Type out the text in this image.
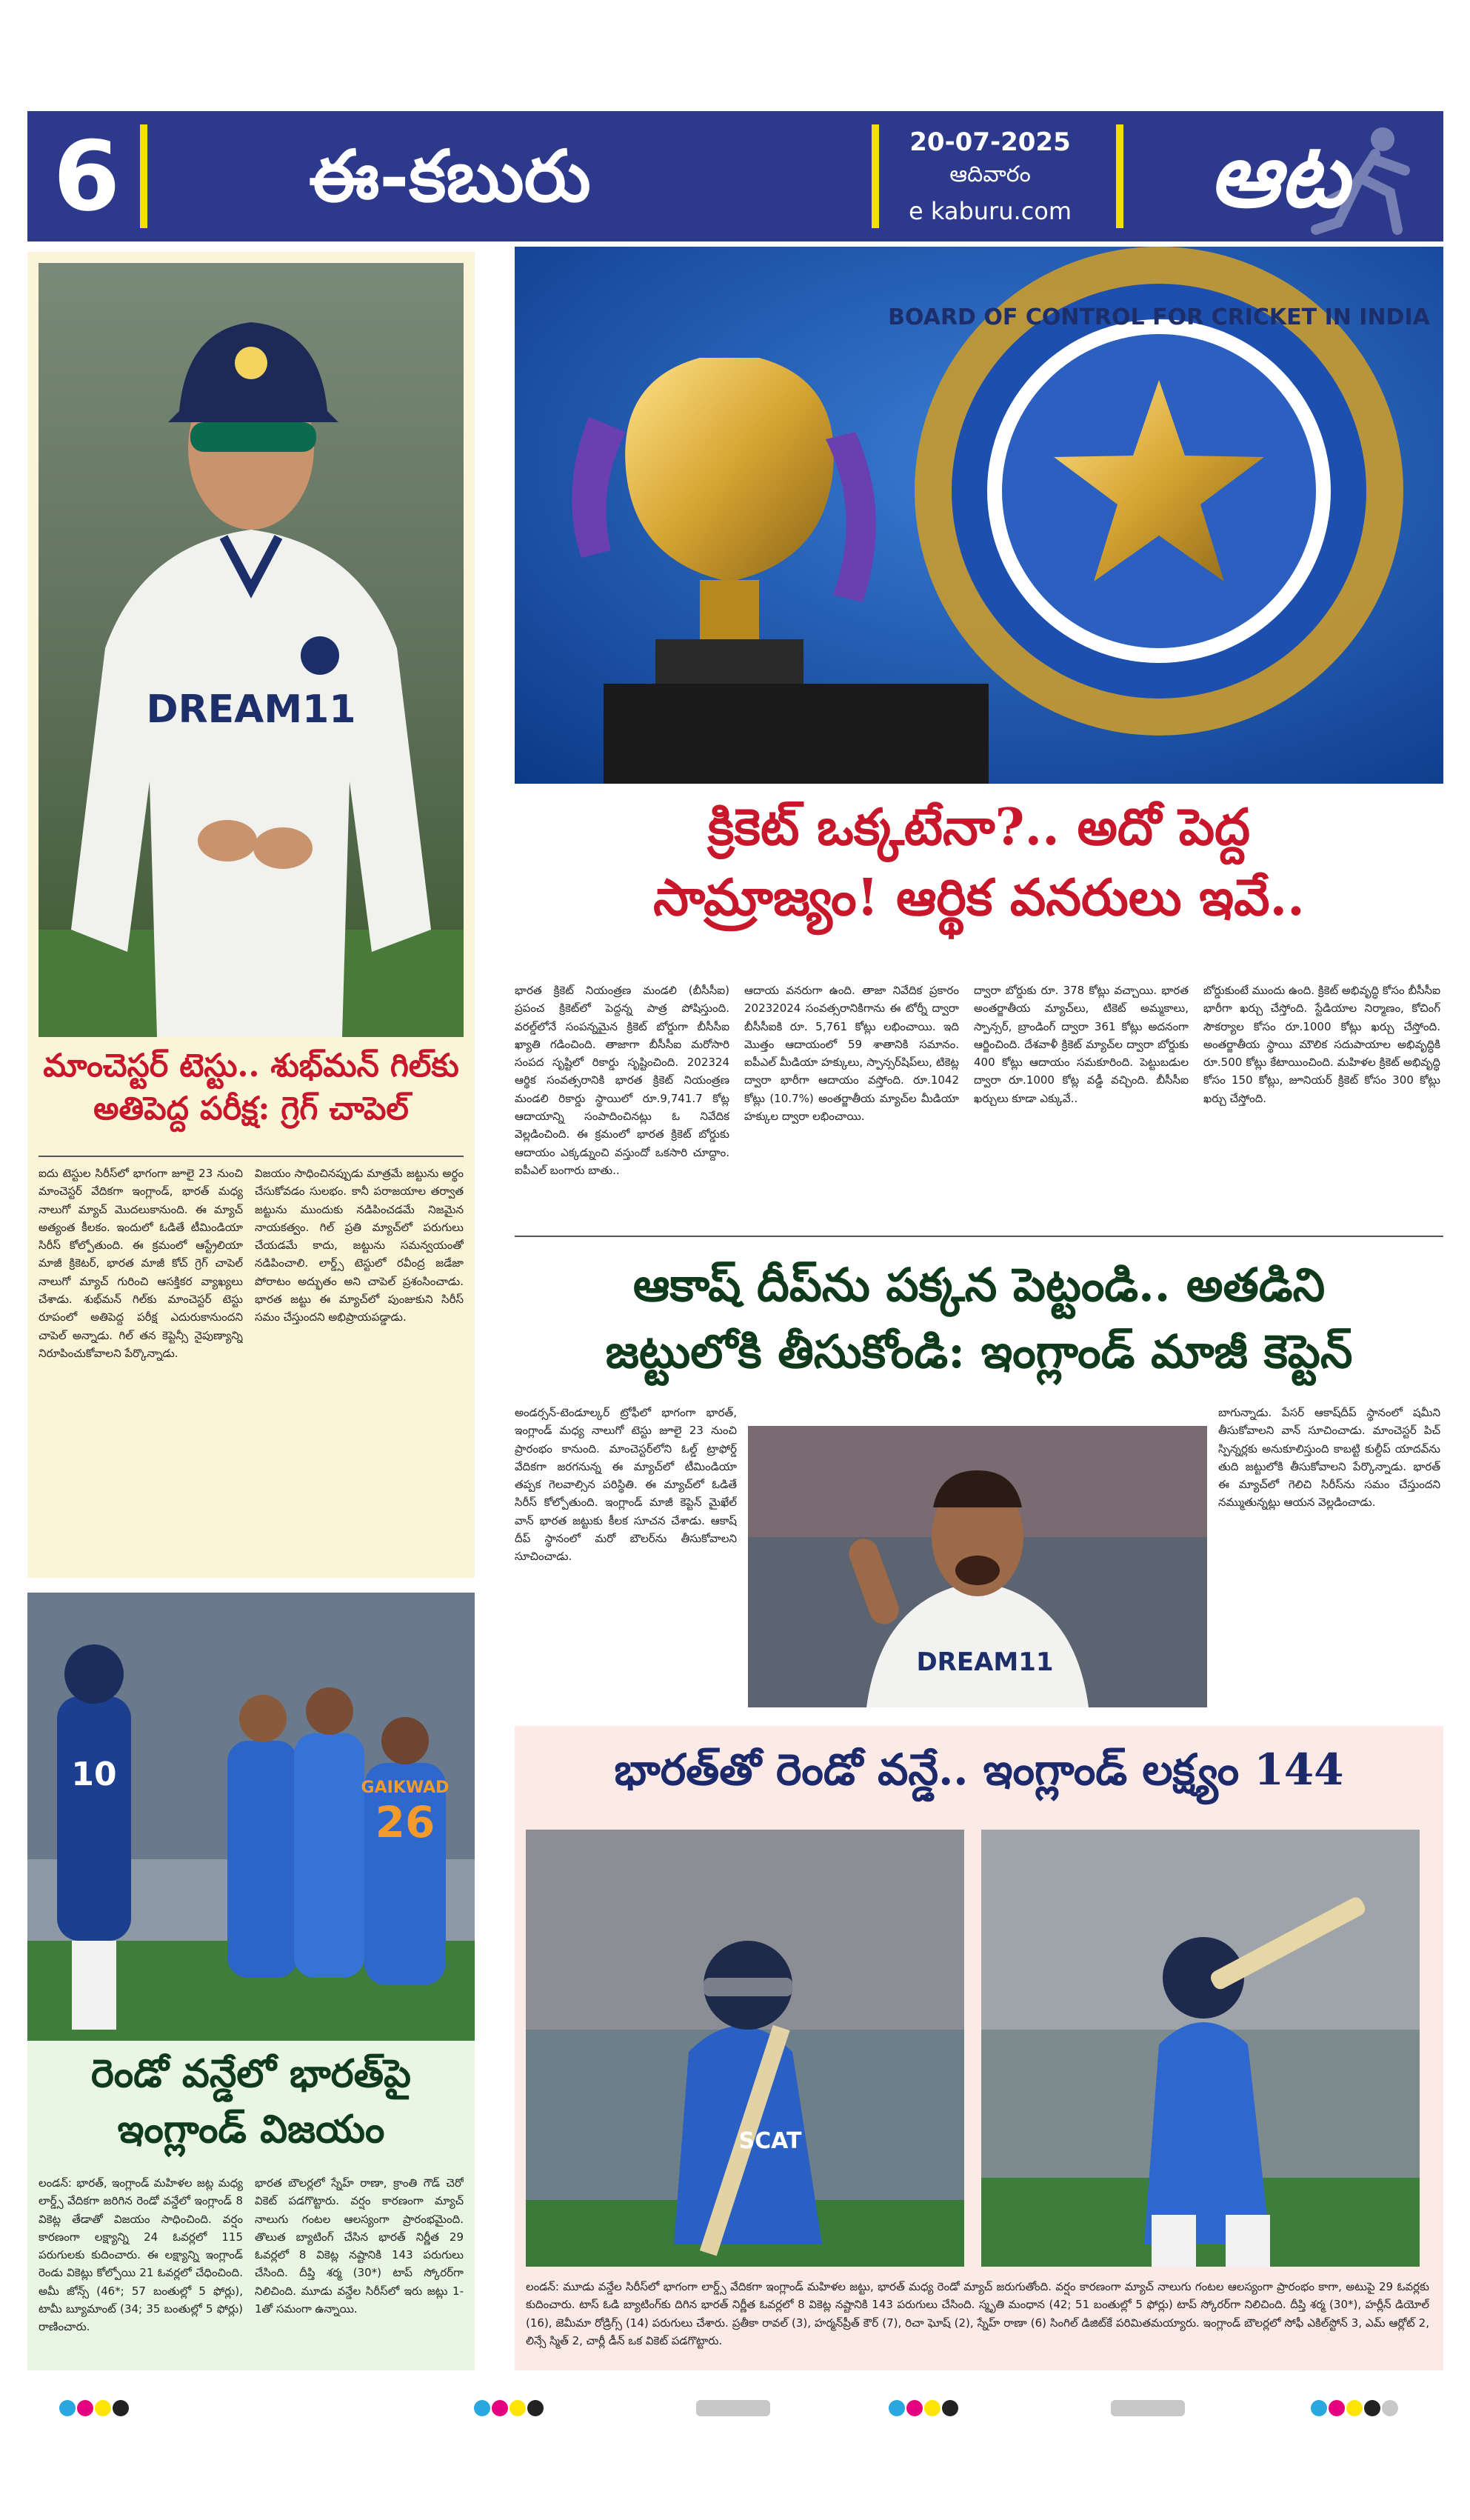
6	ఈ-కబురు	20-07-2025
ఆదివారం
e kaburu.com	ఆట
DREAM11
మాంచెస్టర్ టెస్టు.. శుభ్‌మన్ గిల్‌కు
అతిపెద్ద పరీక్ష: గ్రెగ్ చాపెల్
ఐదు టెస్టుల సిరీస్‌లో భాగంగా జూలై 23 నుంచి మాంచెస్టర్ వేదికగా ఇంగ్లాండ్, భారత్ మధ్య నాలుగో మ్యాచ్ మొదలుకానుంది. ఈ మ్యాచ్ అత్యంత కీలకం. ఇందులో ఓడితే టీమిండియా సిరీస్ కోల్పోతుంది. ఈ క్రమంలో ఆస్ట్రేలియా మాజీ క్రికెటర్, భారత మాజీ కోచ్ గ్రెగ్ చాపెల్ నాలుగో మ్యాచ్ గురించి ఆసక్తికర వ్యాఖ్యలు చేశాడు. శుభ్‌మన్ గిల్‌కు మాంచెస్టర్ టెస్టు రూపంలో అతిపెద్ద పరీక్ష ఎదురుకానుందని చాపెల్ అన్నాడు. గిల్ తన కెప్టెన్సీ నైపుణ్యాన్ని నిరూపించుకోవాలని పేర్కొన్నాడు.
విజయం సాధించినప్పుడు మాత్రమే జట్టును అర్థం చేసుకోవడం సులభం. కానీ పరాజయాల తర్వాత జట్టును ముందుకు నడిపించడమే నిజమైన నాయకత్వం. గిల్ ప్రతి మ్యాచ్‌లో పరుగులు చేయడమే కాదు, జట్టును సమన్వయంతో నడిపించాలి. లార్డ్స్ టెస్టులో రవీంద్ర జడేజా పోరాటం అద్భుతం అని చాపెల్ ప్రశంసించాడు. భారత జట్టు ఈ మ్యాచ్‌లో పుంజుకుని సిరీస్ సమం చేస్తుందని అభిప్రాయపడ్డాడు.
10
26
GAIKWAD
రెండో వన్డేలో భారత్‌పై
ఇంగ్లాండ్ విజయం
లండన్: భారత్, ఇంగ్లాండ్ మహిళల జట్ల మధ్య లార్డ్స్ వేదికగా జరిగిన రెండో వన్డేలో ఇంగ్లాండ్ 8 వికెట్ల తేడాతో విజయం సాధించింది. వర్షం కారణంగా లక్ష్యాన్ని 24 ఓవర్లలో 115 పరుగులకు కుదించారు. ఈ లక్ష్యాన్ని ఇంగ్లాండ్ రెండు వికెట్లు కోల్పోయి 21 ఓవర్లలో చేధించింది. అమీ జోన్స్ (46*; 57 బంతుల్లో 5 ఫోర్లు), టామీ బ్యూమాంట్ (34; 35 బంతుల్లో 5 ఫోర్లు) రాణించారు.
భారత బౌలర్లలో స్నేహ్ రాణా, క్రాంతి గౌడ్ చెరో వికెట్ పడగొట్టారు. వర్షం కారణంగా మ్యాచ్ నాలుగు గంటల ఆలస్యంగా ప్రారంభమైంది. తొలుత బ్యాటింగ్ చేసిన భారత్ నిర్ణీత 29 ఓవర్లలో 8 వికెట్ల నష్టానికి 143 పరుగులు చేసింది. దీప్తి శర్మ (30*) టాప్ స్కోరర్‌గా నిలిచింది. మూడు వన్డేల సిరీస్‌లో ఇరు జట్లు 1-1తో సమంగా ఉన్నాయి.
BOARD OF CONTROL FOR CRICKET IN INDIA
క్రికెట్ ఒక్కటేనా?.. అదో పెద్ద
సామ్రాజ్యం! ఆర్థిక వనరులు ఇవే..
భారత క్రికెట్ నియంత్రణ మండలి (బీసీసీఐ) ప్రపంచ క్రికెట్‌లో పెద్దన్న పాత్ర పోషిస్తుంది. వరల్డ్‌లోనే సంపన్నమైన క్రికెట్ బోర్డుగా బీసీసీఐ ఖ్యాతి గడించింది. తాజాగా బీసీసీఐ మరోసారి సంపద సృష్టిలో రికార్డు సృష్టించింది. 202324 ఆర్థిక సంవత్సరానికి భారత క్రికెట్ నియంత్రణ మండలి రికార్డు స్థాయిలో రూ.9,741.7 కోట్ల ఆదాయాన్ని సంపాదించినట్లు ఓ నివేదిక వెల్లడించింది. ఈ క్రమంలో భారత క్రికెట్ బోర్డుకు ఆదాయం ఎక్కడ్నుంచి వస్తుందో ఒకసారి చూద్దాం. ఐపీఎల్ బంగారు బాతు..
ఆదాయ వనరుగా ఉంది. తాజా నివేదిక ప్రకారం 20232024 సంవత్సరానికిగాను ఈ టోర్నీ ద్వారా బీసీసీఐకి రూ. 5,761 కోట్లు లభించాయి. ఇది మొత్తం ఆదాయంలో 59 శాతానికి సమానం. ఐపీఎల్ మీడియా హక్కులు, స్పాన్సర్‌షిప్‌లు, టికెట్ల ద్వారా భారీగా ఆదాయం వస్తోంది. రూ.1042 కోట్లు (10.7%) అంతర్జాతీయ మ్యాచ్‌ల మీడియా హక్కుల ద్వారా లభించాయి.
ద్వారా బోర్డుకు రూ. 378 కోట్లు వచ్చాయి. భారత అంతర్జాతీయ మ్యాచ్‌లు, టికెట్ అమ్మకాలు, స్పాన్సర్, బ్రాండింగ్ ద్వారా 361 కోట్లు అదనంగా ఆర్జించింది. దేశవాళీ క్రికెట్ మ్యాచ్‌ల ద్వారా బోర్డుకు 400 కోట్లు ఆదాయం సమకూరింది. పెట్టుబడుల ద్వారా రూ.1000 కోట్ల వడ్డీ వచ్చింది. బీసీసీఐ ఖర్చులు కూడా ఎక్కువే..
బోర్డుకుంటే ముందు ఉంది. క్రికెట్ అభివృద్ధి కోసం బీసీసీఐ భారీగా ఖర్చు చేస్తోంది. స్టేడియాల నిర్మాణం, కోచింగ్ సౌకర్యాల కోసం రూ.1000 కోట్లు ఖర్చు చేస్తోంది. అంతర్జాతీయ స్థాయి మౌలిక సదుపాయాల అభివృద్ధికి రూ.500 కోట్లు కేటాయించింది. మహిళల క్రికెట్ అభివృద్ధి కోసం 150 కోట్లు, జూనియర్ క్రికెట్ కోసం 300 కోట్లు ఖర్చు చేస్తోంది.
ఆకాష్ దీప్‌ను పక్కన పెట్టండి.. అతడిని
జట్టులోకి తీసుకోండి: ఇంగ్లాండ్ మాజీ కెప్టెన్
అండర్సన్-టెండూల్కర్ ట్రోఫీలో భాగంగా భారత్, ఇంగ్లాండ్ మధ్య నాలుగో టెస్టు జూలై 23 నుంచి ప్రారంభం కానుంది. మాంచెస్టర్‌లోని ఓల్డ్ ట్రాఫోర్డ్ వేదికగా జరగనున్న ఈ మ్యాచ్‌లో టీమిండియా తప్పక గెలవాల్సిన పరిస్థితి. ఈ మ్యాచ్‌లో ఓడితే సిరీస్ కోల్పోతుంది. ఇంగ్లాండ్ మాజీ కెప్టెన్ మైఖేల్ వాన్ భారత జట్టుకు కీలక సూచన చేశాడు. ఆకాష్ దీప్ స్థానంలో మరో బౌలర్‌ను తీసుకోవాలని సూచించాడు.
DREAM11
బాగున్నాడు. పేసర్ ఆకాష్‌దీప్ స్థానంలో షమీని తీసుకోవాలని వాన్ సూచించాడు. మాంచెస్టర్ పిచ్ స్పిన్నర్లకు అనుకూలిస్తుంది కాబట్టి కుల్దీప్ యాదవ్‌ను తుది జట్టులోకి తీసుకోవాలని పేర్కొన్నాడు. భారత్ ఈ మ్యాచ్‌లో గెలిచి సిరీస్‌ను సమం చేస్తుందని నమ్ముతున్నట్లు ఆయన వెల్లడించాడు.
భారత్‌తో రెండో వన్డే.. ఇంగ్లాండ్ లక్ష్యం 144
SCAT
లండన్: మూడు వన్డేల సిరీస్‌లో భాగంగా లార్డ్స్ వేదికగా ఇంగ్లాండ్ మహిళల జట్టు, భారత్ మధ్య రెండో మ్యాచ్ జరుగుతోంది. వర్షం కారణంగా మ్యాచ్ నాలుగు గంటల ఆలస్యంగా ప్రారంభం కాగా, అటుపై 29 ఓవర్లకు కుదించారు. టాస్ ఓడి బ్యాటింగ్‌కు దిగిన భారత్ నిర్ణీత ఓవర్లలో 8 వికెట్ల నష్టానికి 143 పరుగులు చేసింది. స్మృతి మంధాన (42; 51 బంతుల్లో 5 ఫోర్లు) టాప్ స్కోరర్‌గా నిలిచింది. దీప్తి శర్మ (30*), హర్లీన్ డియోల్ (16), జెమీమా రోడ్రిగ్స్ (14) పరుగులు చేశారు. ప్రతీకా రావల్ (3), హర్మన్‌ప్రీత్ కౌర్ (7), రిచా ఘోష్ (2), స్నేహ్ రాణా (6) సింగిల్ డిజిట్‌కే పరిమితమయ్యారు. ఇంగ్లాండ్ బౌలర్లలో సోఫీ ఎకిల్‌స్టోన్ 3, ఎమ్ ఆర్లోట్ 2, లిన్సే స్మిత్ 2, చార్లీ డీన్ ఒక వికెట్ పడగొట్టారు.
